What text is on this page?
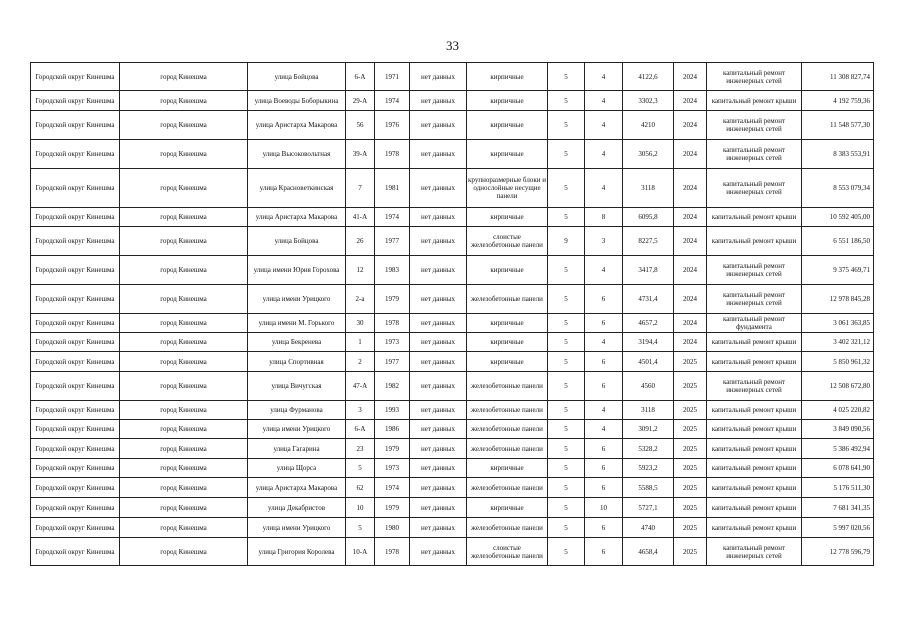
33
Городской округ Кинешма	город Кинешма	улица Бойцова	6-А	1971	нет данных	кирпичные	5	4	4122,6	2024	капитальный ремонт инженерных сетей	11 308 827,74
Городской округ Кинешма	город Кинешма	улица Воеводы Боборыкина	29-А	1974	нет данных	кирпичные	5	4	3302,3	2024	капитальный ремонт крыши	4 192 759,36
Городской округ Кинешма	город Кинешма	улица Аристарха Макарова	56	1976	нет данных	кирпичные	5	4	4210	2024	капитальный ремонт инженерных сетей	11 548 577,30
Городской округ Кинешма	город Кинешма	улица Высоковольтная	39-А	1978	нет данных	кирпичные	5	4	3056,2	2024	капитальный ремонт инженерных сетей	8 383 553,91
Городской округ Кинешма	город Кинешма	улица Красноветкинская	7	1981	нет данных	крупноразмерные блоки и однослойные несущие панели	5	4	3118	2024	капитальный ремонт инженерных сетей	8 553 079,34
Городской округ Кинешма	город Кинешма	улица Аристарха Макарова	41-А	1974	нет данных	кирпичные	5	8	6095,8	2024	капитальный ремонт крыши	10 592 405,00
Городской округ Кинешма	город Кинешма	улица Бойцова	26	1977	нет данных	слоистые железобетонные панели	9	3	8227,5	2024	капитальный ремонт крыши	6 551 186,50
Городской округ Кинешма	город Кинешма	улица имени Юрия Горохова	12	1983	нет данных	кирпичные	5	4	3417,8	2024	капитальный ремонт инженерных сетей	9 375 469,71
Городской округ Кинешма	город Кинешма	улица имени Урицкого	2-а	1979	нет данных	железобетонные панели	5	6	4731,4	2024	капитальный ремонт инженерных сетей	12 978 845,28
Городской округ Кинешма	город Кинешма	улица имени М. Горького	30	1978	нет данных	кирпичные	5	6	4657,2	2024	капитальный ремонт фундамента	3 061 363,85
Городской округ Кинешма	город Кинешма	улица Бекренева	1	1973	нет данных	кирпичные	5	4	3194,4	2024	капитальный ремонт крыши	3 402 321,12
Городской округ Кинешма	город Кинешма	улица Спортивная	2	1977	нет данных	кирпичные	5	6	4501,4	2025	капитальный ремонт крыши	5 850 961,32
Городской округ Кинешма	город Кинешма	улица Вичугская	47-А	1982	нет данных	железобетонные панели	5	6	4560	2025	капитальный ремонт инженерных сетей	12 508 672,80
Городской округ Кинешма	город Кинешма	улица Фурманова	3	1993	нет данных	железобетонные панели	5	4	3118	2025	капитальный ремонт крыши	4 025 220,82
Городской округ Кинешма	город Кинешма	улица имени Урицкого	6-А	1986	нет данных	железобетонные панели	5	4	3091,2	2025	капитальный ремонт крыши	3 849 090,56
Городской округ Кинешма	город Кинешма	улица Гагарина	23	1979	нет данных	железобетонные панели	5	6	5328,2	2025	капитальный ремонт крыши	5 386 492,94
Городской округ Кинешма	город Кинешма	улица Щорса	5	1973	нет данных	кирпичные	5	6	5923,2	2025	капитальный ремонт крыши	6 078 641,90
Городской округ Кинешма	город Кинешма	улица Аристарха Макарова	62	1974	нет данных	железобетонные панели	5	6	5588,5	2025	капитальный ремонт крыши	5 176 511,30
Городской округ Кинешма	город Кинешма	улица Декабристов	10	1979	нет данных	кирпичные	5	10	5727,1	2025	капитальный ремонт крыши	7 681 341,35
Городской округ Кинешма	город Кинешма	улица имени Урицкого	5	1980	нет данных	железобетонные панели	5	6	4740	2025	капитальный ремонт крыши	5 997 020,56
Городской округ Кинешма	город Кинешма	улица Григория Королева	10-А	1978	нет данных	слоистые железобетонные панели	5	6	4658,4	2025	капитальный ремонт инженерных сетей	12 778 596,79
